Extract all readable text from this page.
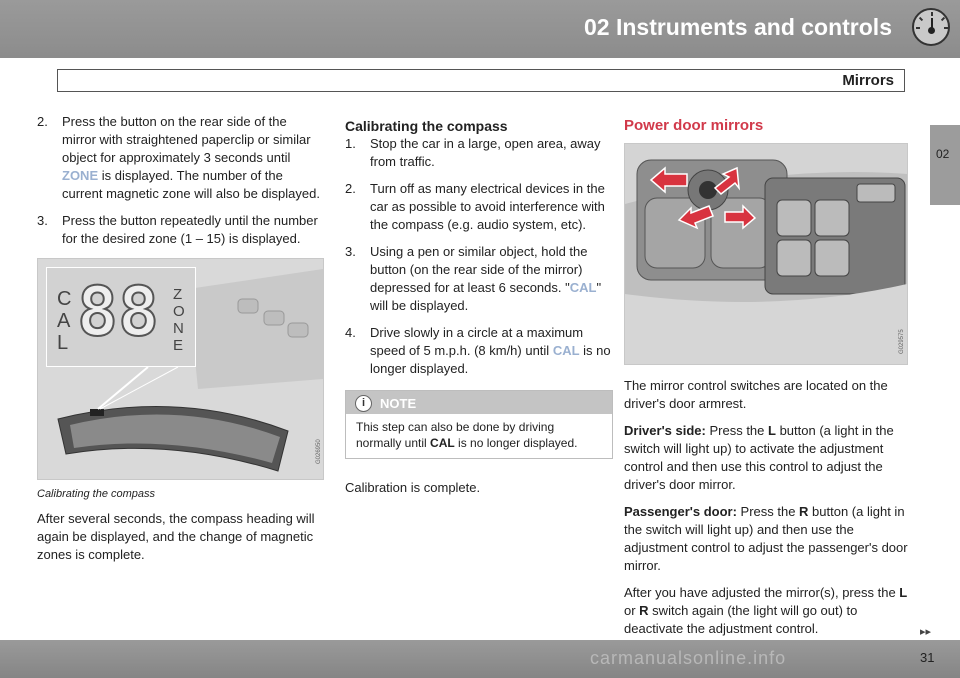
02 Instruments and controls
Mirrors
02
2. Press the button on the rear side of the mirror with straightened paperclip or similar object for approximately 3 seconds until ZONE is displayed. The number of the current magnetic zone will also be displayed.
3. Press the button repeatedly until the number for the desired zone (1 – 15) is displayed.
CAL 88 ZONE
G026950
Calibrating the compass

After several seconds, the compass heading will again be displayed, and the change of magnetic zones is complete.

Calibrating the compass
1. Stop the car in a large, open area, away from traffic.
2. Turn off as many electrical devices in the car as possible to avoid interference with the compass (e.g. audio system, etc).
3. Using a pen or similar object, hold the button (on the rear side of the mirror) depressed for at least 6 seconds. "CAL" will be displayed.
4. Drive slowly in a circle at a maximum speed of 5 m.p.h. (8 km/h) until CAL is no longer displayed.
i	NOTE
This step can also be done by driving normally until CAL is no longer displayed.

Calibration is complete.

Power door mirrors
G029575

The mirror control switches are located on the driver's door armrest.

Driver's side: Press the L button (a light in the switch will light up) to activate the adjustment control and then use this control to adjust the driver's door mirror.

Passenger's door: Press the R button (a light in the switch will light up) and then use the adjustment control to adjust the passenger's door mirror.

After you have adjusted the mirror(s), press the L or R switch again (the light will go out) to deactivate the adjustment control.

carmanualsonline.info
▸▸
31
